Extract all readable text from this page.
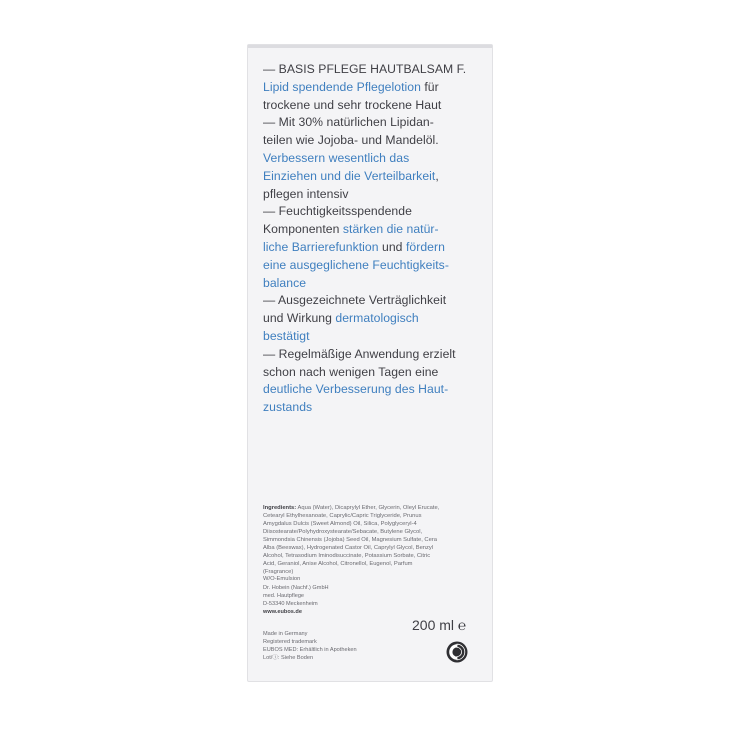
— BASIS PFLEGE HAUTBALSAM F.
Lipid spendende Pflegelotion für
trockene und sehr trockene Haut
— Mit 30% natürlichen Lipidan-
teilen wie Jojoba- und Mandelöl.
Verbessern wesentlich das
Einziehen und die Verteilbarkeit,
pflegen intensiv
— Feuchtigkeitsspendende
Komponenten stärken die natür-
liche Barrierefunktion und fördern
eine ausgeglichene Feuchtigkeits-
balance
— Ausgezeichnete Verträglichkeit
und Wirkung dermatologisch
bestätigt
— Regelmäßige Anwendung erzielt
schon nach wenigen Tagen eine
deutliche Verbesserung des Haut-
zustands
Ingredients: Aqua (Water), Dicaprylyl Ether, Glycerin, Oleyl Erucate,
Cetearyl Ethylhexanoate, Caprylic/Capric Triglyceride, Prunus
Amygdalus Dulcis (Sweet Almond) Oil, Silica, Polyglyceryl-4
Diisostearate/Polyhydroxystearate/Sebacate, Butylene Glycol,
Simmondsia Chinensis (Jojoba) Seed Oil, Magnesium Sulfate, Cera
Alba (Beeswax), Hydrogenated Castor Oil, Caprylyl Glycol, Benzyl
Alcohol, Tetrasodium Iminodisuccinate, Potassium Sorbate, Citric
Acid, Geraniol, Anise Alcohol, Citronellol, Eugenol, Parfum
(Fragrance)
W/O-Emulsion
Dr. Hobein (Nachf.) GmbH
med. Hautpflege
D-53340 Meckenheim
www.eubos.de
200 ml ℮
Made in Germany
Registered trademark
EUBOS MED: Erhältlich in Apotheken
Lot/ⓘ: Siehe Boden
